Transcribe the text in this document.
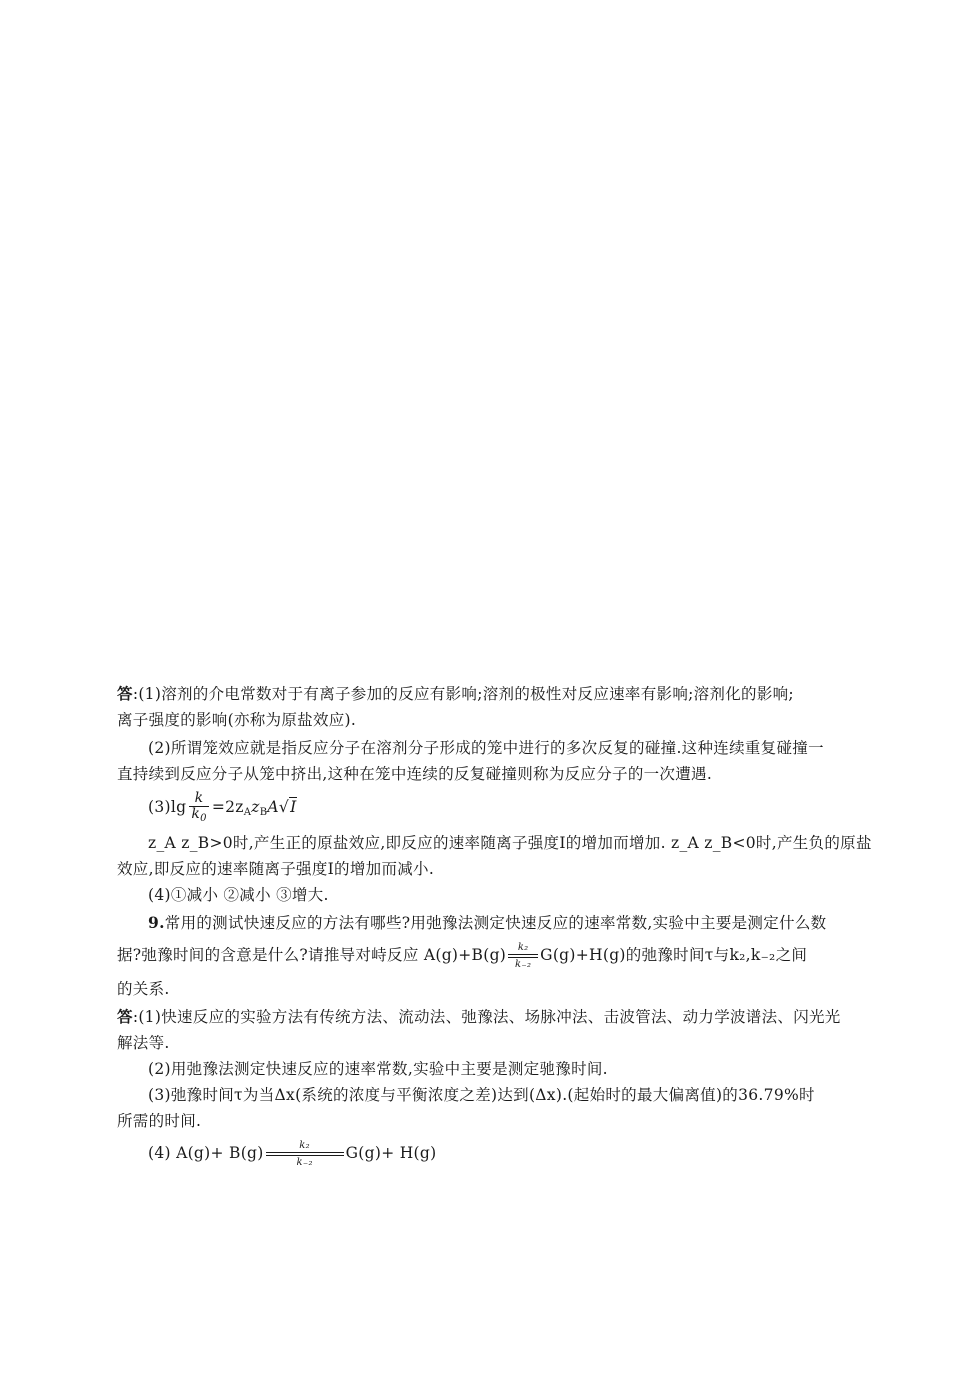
答:(1)溶剂的介电常数对于有离子参加的反应有影响;溶剂的极性对反应速率有影响;溶剂化的影响;
离子强度的影响(亦称为原盐效应).
(2)所谓笼效应就是指反应分子在溶剂分子形成的笼中进行的多次反复的碰撞.这种连续重复碰撞一
直持续到反应分子从笼中挤出,这种在笼中连续的反复碰撞则称为反应分子的一次遭遇.
$(3)\lg \frac{k}{k_0} =2z_Az_BA√I$
z_A z_B>0时,产生正的原盐效应,即反应的速率随离子强度I的增加而增加. z_A z_B<0时,产生负的原盐
效应,即反应的速率随离子强度I的增加而减小.
(4)①减小 ②减小 ③增大.
9.常用的测试快速反应的方法有哪些?用弛豫法测定快速反应的速率常数,实验中主要是测定什么数
据?弛豫时间的含意是什么?请推导对峙反应 A(g)+B(g)	k₂
k₋₂
G(g)+H(g)的弛豫时间τ与k₂,k₋₂之间
的关系.
答:(1)快速反应的实验方法有传统方法、流动法、弛豫法、场脉冲法、击波管法、动力学波谱法、闪光光
解法等.
(2)用弛豫法测定快速反应的速率常数,实验中主要是测定驰豫时间.
(3)弛豫时间τ为当Δx(系统的浓度与平衡浓度之差)达到(Δx).(起始时的最大偏离值)的36.79%时
所需的时间.
(4) A(g)+ B(g)	k₂
k₋₂
G(g)+ H(g)
